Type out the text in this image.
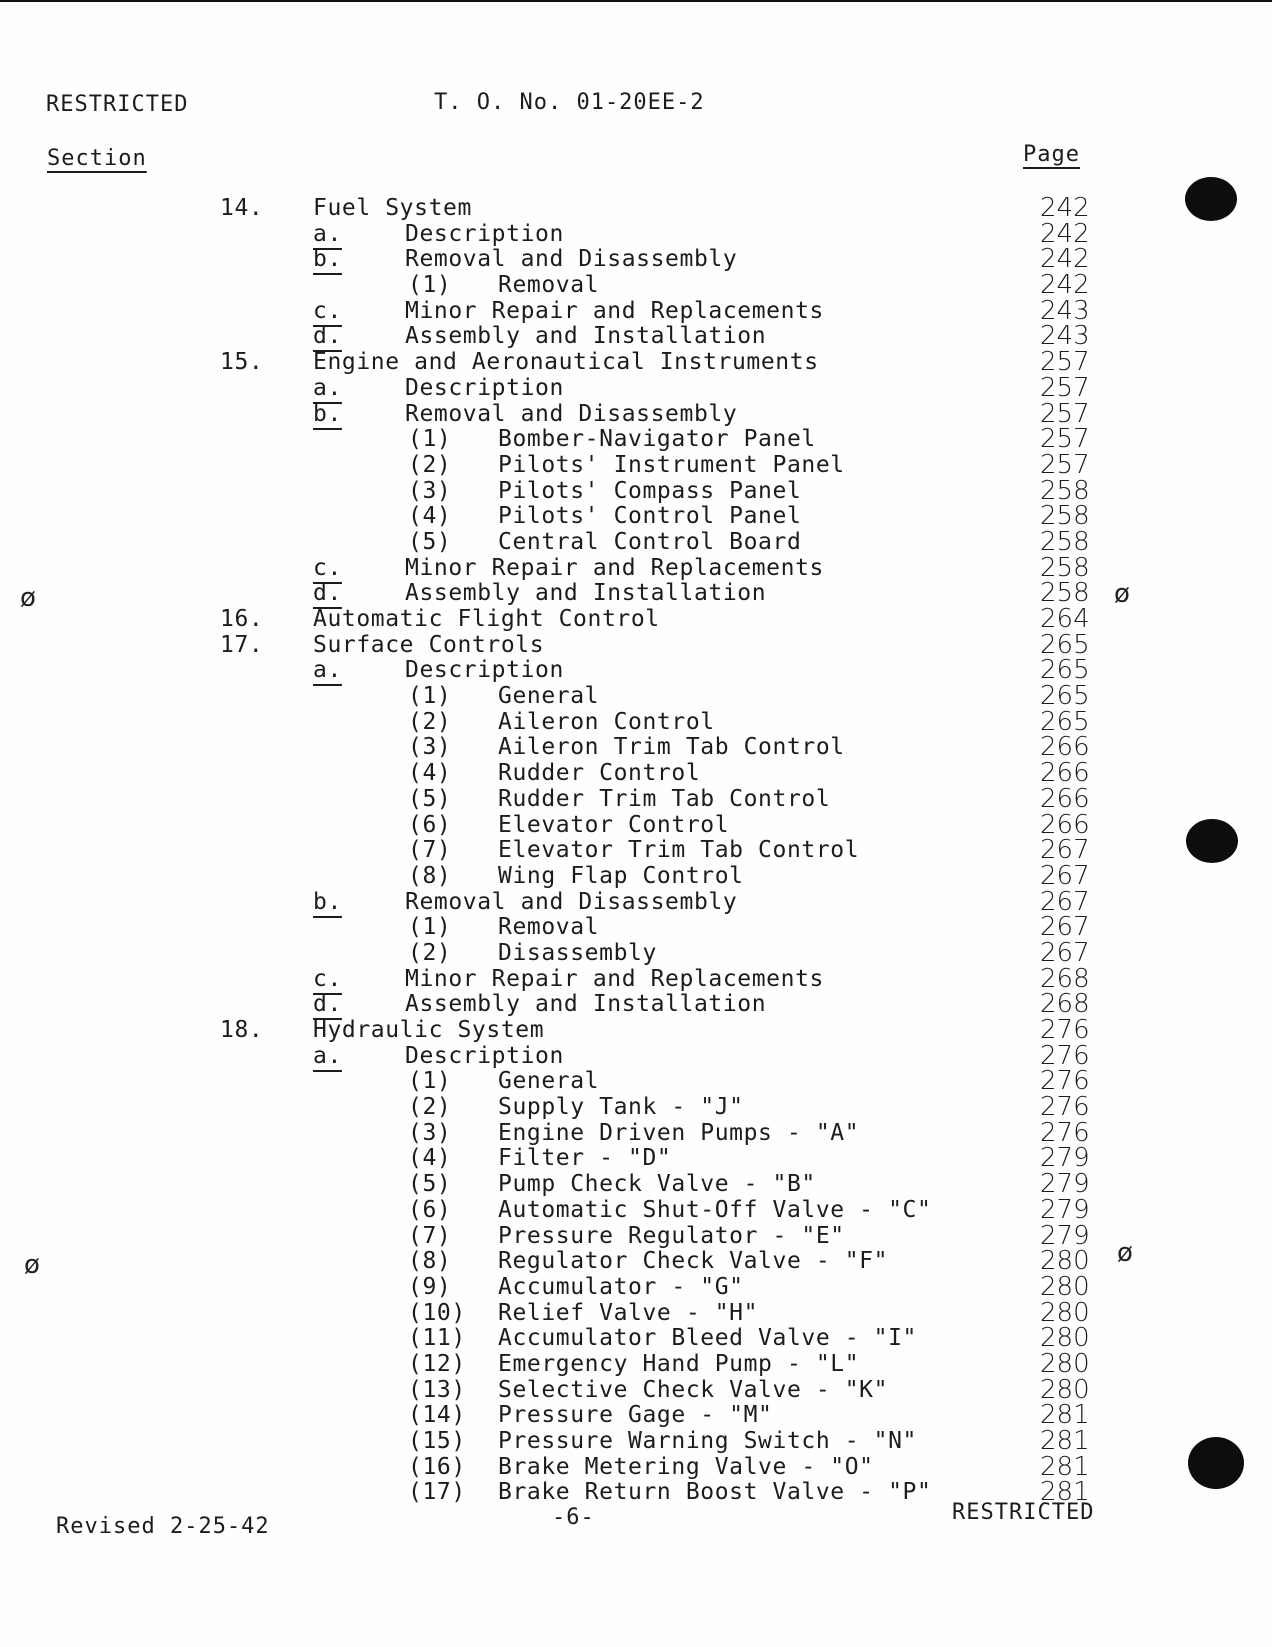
RESTRICTED	T. O. No. 01-20EE-2
Section	Page
14. Fuel System	242
a.	Description	242
b.	Removal and Disassembly	242
(1) Removal	242
c.	Minor Repair and Replacements	243
d.	Assembly and Installation	243
15. Engine and Aeronautical Instruments	257
a.	Description	257
b.	Removal and Disassembly	257
(1) Bomber-Navigator Panel	257
(2) Pilots' Instrument Panel	257
(3) Pilots' Compass Panel	258
(4) Pilots' Control Panel	258
(5) Central Control Board	258
c.	Minor Repair and Replacements	258
d.	Assembly and Installation	258
16. Automatic Flight Control	264
17. Surface Controls	265
a.	Description	265
(1) General	265
(2) Aileron Control	265
(3) Aileron Trim Tab Control	266
(4) Rudder Control	266
(5) Rudder Trim Tab Control	266
(6) Elevator Control	266
(7) Elevator Trim Tab Control	267
(8) Wing Flap Control	267
b.	Removal and Disassembly	267
(1) Removal	267
(2) Disassembly	267
c.	Minor Repair and Replacements	268
d.	Assembly and Installation	268
18. Hydraulic System	276
a.	Description	276
(1) General	276
(2) Supply Tank - "J"	276
(3) Engine Driven Pumps - "A"	276
(4) Filter - "D"	279
(5) Pump Check Valve - "B"	279
(6) Automatic Shut-Off Valve - "C"	279
(7) Pressure Regulator - "E"	279
(8) Regulator Check Valve - "F"	280
(9) Accumulator - "G"	280
(10) Relief Valve - "H"	280
(11) Accumulator Bleed Valve - "I"	280
(12) Emergency Hand Pump - "L"	280
(13) Selective Check Valve - "K"	280
(14) Pressure Gage - "M"	281
(15) Pressure Warning Switch - "N"	281
(16) Brake Metering Valve - "O"	281
(17) Brake Return Boost Valve - "P"	281
Revised 2-25-42	-6-	RESTRICTED
ø	ø
ø	ø
